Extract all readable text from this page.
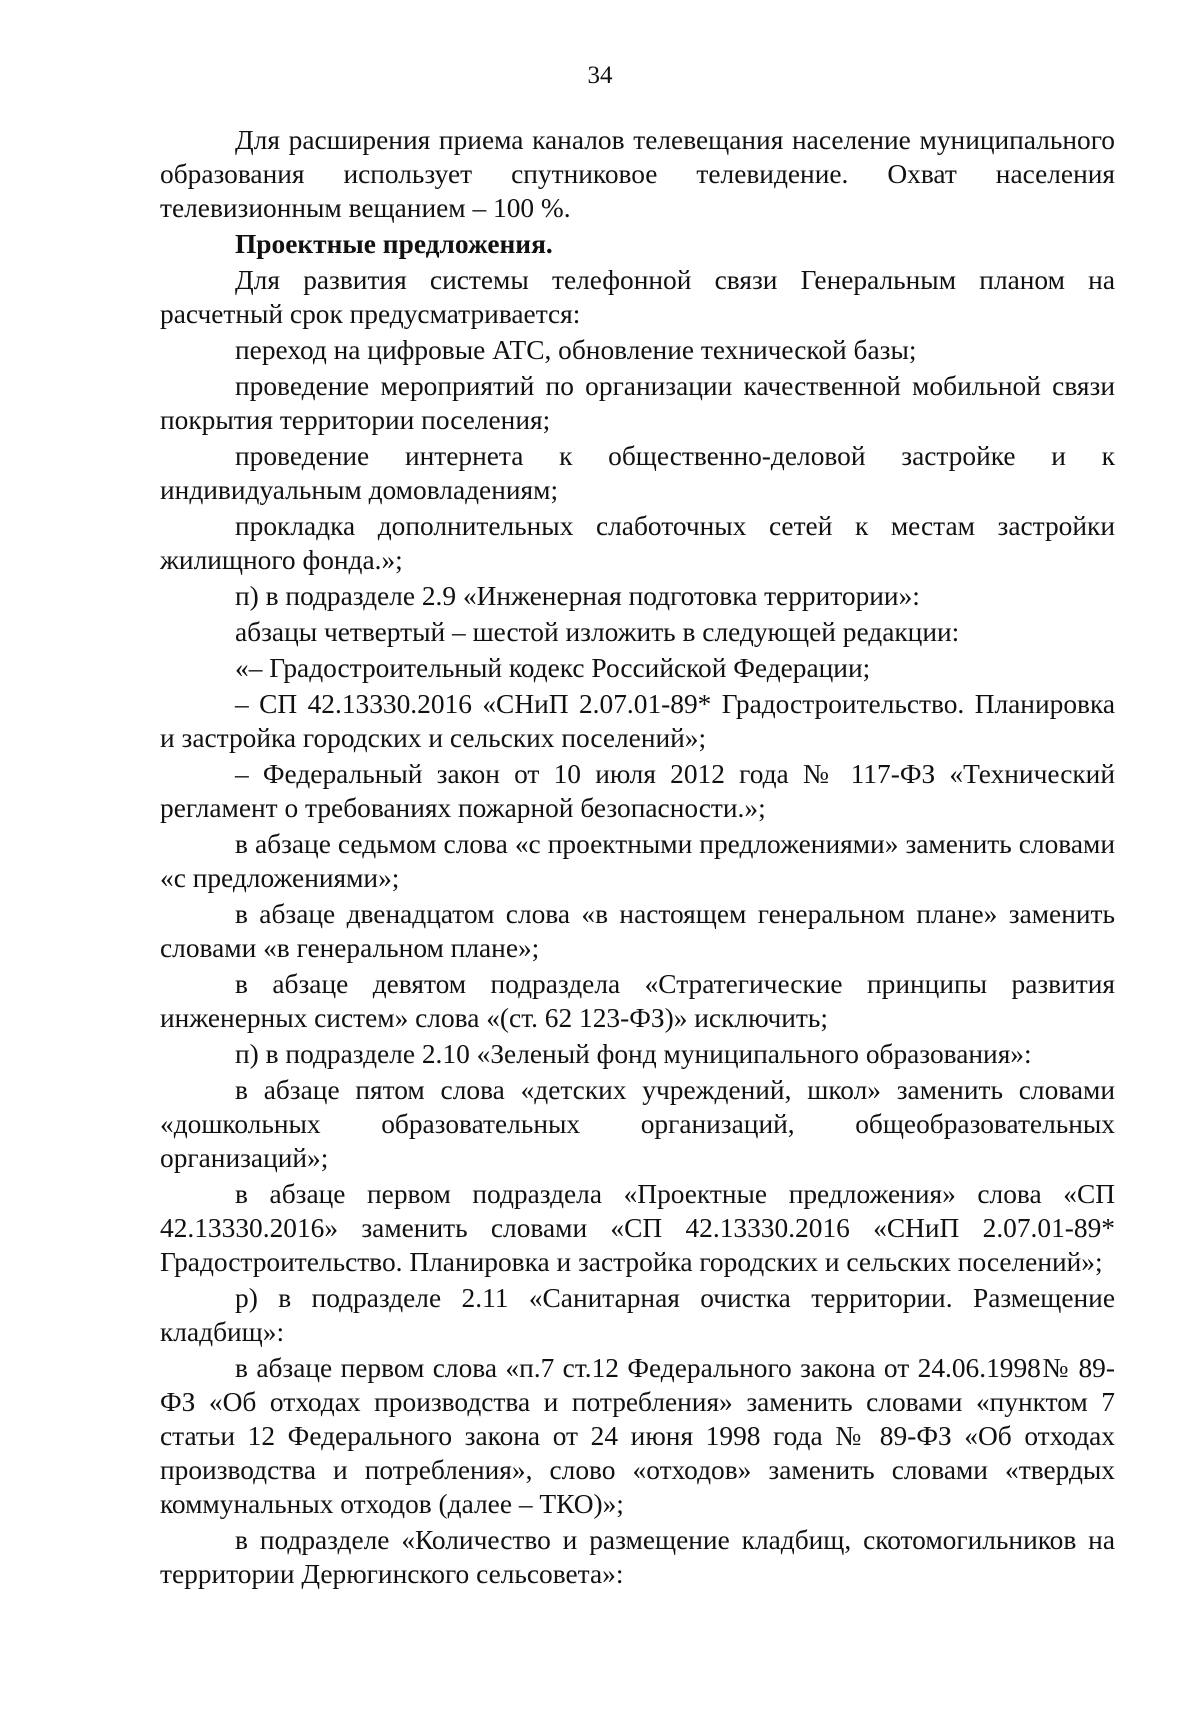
34

Для расширения приема каналов телевещания население муниципального образования использует спутниковое телевидение. Охват населения телевизионным вещанием – 100 %.

Проектные предложения.

Для развития системы телефонной связи Генеральным планом на расчетный срок предусматривается:

переход на цифровые АТС, обновление технической базы;

проведение мероприятий по организации качественной мобильной связи покрытия территории поселения;

проведение интернета к общественно-деловой застройке и к индивидуальным домовладениям;

прокладка дополнительных слаботочных сетей к местам застройки жилищного фонда.»;

п) в подразделе 2.9 «Инженерная подготовка территории»:

абзацы четвертый – шестой изложить в следующей редакции:

«– Градостроительный кодекс Российской Федерации;

– СП 42.13330.2016 «СНиП 2.07.01-89* Градостроительство. Планировка и застройка городских и сельских поселений»;

– Федеральный закон от 10 июля 2012 года № 117-ФЗ «Технический регламент о требованиях пожарной безопасности.»;

в абзаце седьмом слова «с проектными предложениями» заменить словами «с предложениями»;

в абзаце двенадцатом слова «в настоящем генеральном плане» заменить словами «в генеральном плане»;

в абзаце девятом подраздела «Стратегические принципы развития инженерных систем» слова «(ст. 62 123-ФЗ)» исключить;

п) в подразделе 2.10 «Зеленый фонд муниципального образования»:

в абзаце пятом слова «детских учреждений, школ» заменить словами «дошкольных образовательных организаций, общеобразовательных организаций»;

в абзаце первом подраздела «Проектные предложения» слова «СП 42.13330.2016» заменить словами «СП 42.13330.2016 «СНиП 2.07.01-89* Градостроительство. Планировка и застройка городских и сельских поселений»;

р) в подразделе 2.11 «Санитарная очистка территории. Размещение кладбищ»:

в абзаце первом слова «п.7 ст.12 Федерального закона от 24.06.1998№ 89-ФЗ «Об отходах производства и потребления» заменить словами «пунктом 7 статьи 12 Федерального закона от 24 июня 1998 года № 89-ФЗ «Об отходах производства и потребления», слово «отходов» заменить словами «твердых коммунальных отходов (далее – ТКО)»;

в подразделе «Количество и размещение кладбищ, скотомогильников на территории Дерюгинского сельсовета»:
